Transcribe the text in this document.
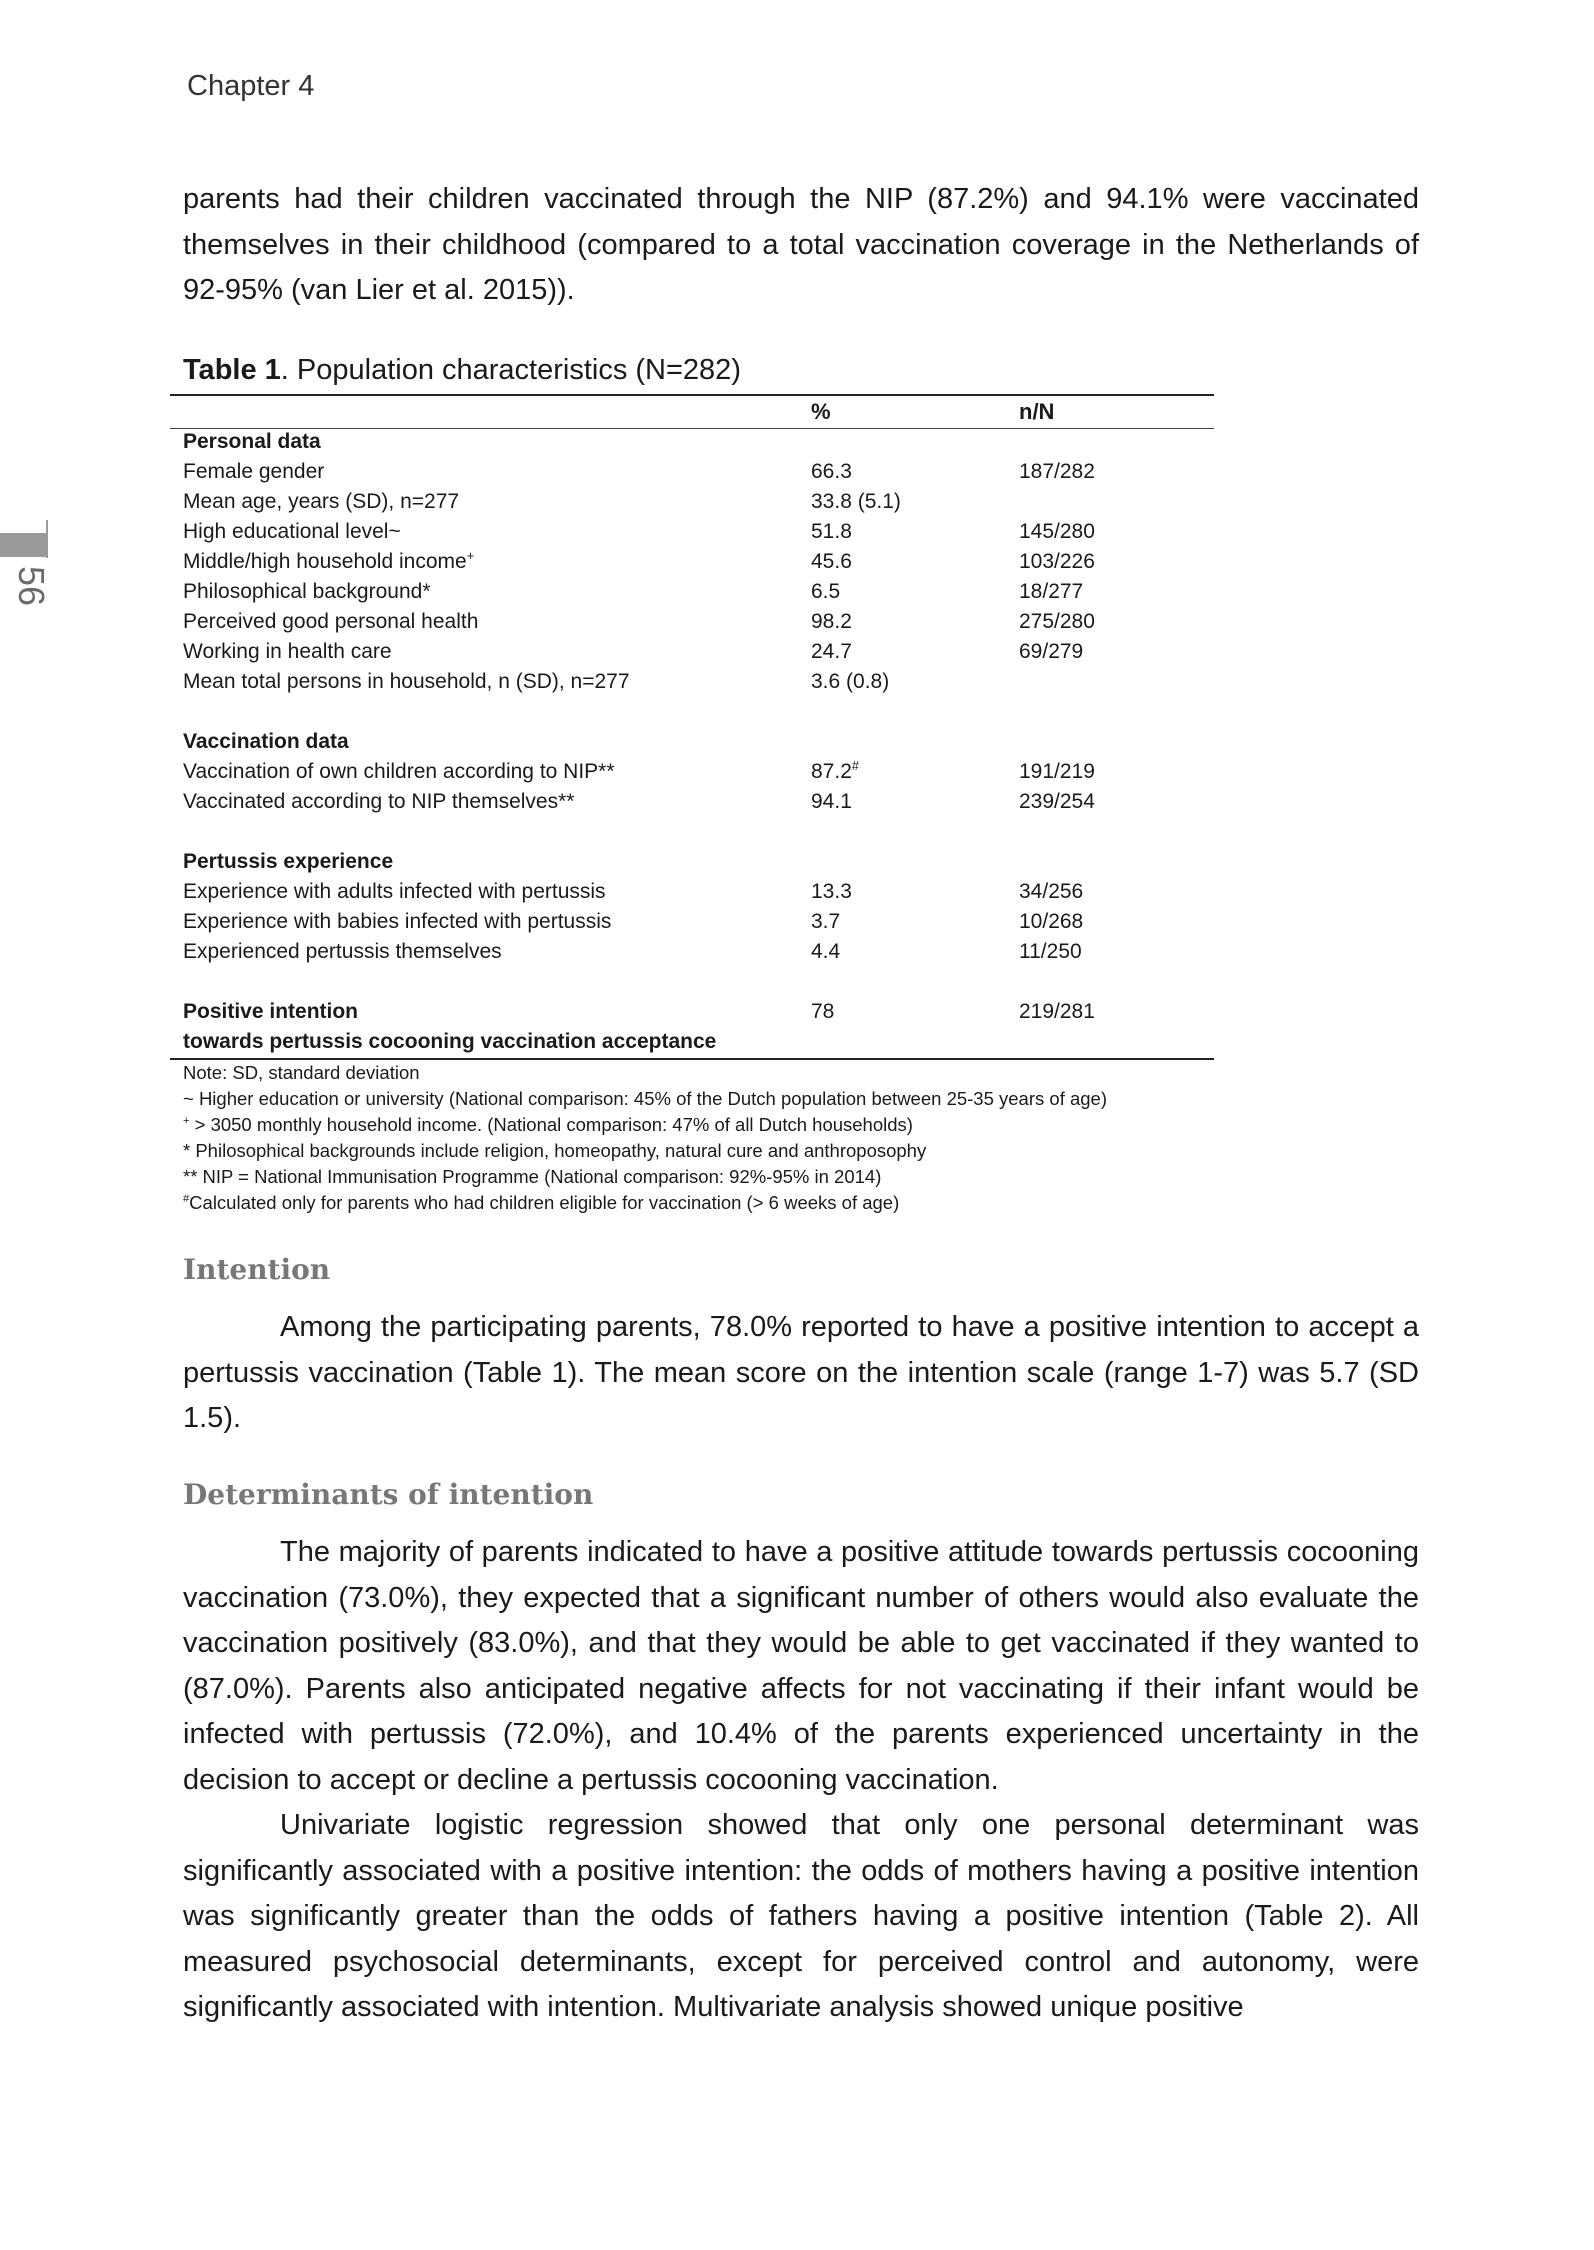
Chapter 4
56

parents had their children vaccinated through the NIP (87.2%) and 94.1% were vaccinated themselves in their childhood (compared to a total vaccination coverage in the Netherlands of 92-95% (van Lier et al. 2015)).

Table 1. Population characteristics (N=282)
%	n/N
Personal data
Female gender	66.3	187/282
Mean age, years (SD), n=277	33.8 (5.1)
High educational level~	51.8	145/280
Middle/high household income+	45.6	103/226
Philosophical background*	6.5	18/277
Perceived good personal health	98.2	275/280
Working in health care	24.7	69/279
Mean total persons in household, n (SD), n=277	3.6 (0.8)
Vaccination data
Vaccination of own children according to NIP**	87.2#	191/219
Vaccinated according to NIP themselves**	94.1	239/254
Pertussis experience
Experience with adults infected with pertussis	13.3	34/256
Experience with babies infected with pertussis	3.7	10/268
Experienced pertussis themselves	4.4	11/250
Positive intention	78	219/281
towards pertussis cocooning vaccination acceptance
Note: SD, standard deviation
~ Higher education or university (National comparison: 45% of the Dutch population between 25-35 years of age)
+ > 3050 monthly household income. (National comparison: 47% of all Dutch households)
* Philosophical backgrounds include religion, homeopathy, natural cure and anthroposophy
** NIP = National Immunisation Programme (National comparison: 92%-95% in 2014)
#Calculated only for parents who had children eligible for vaccination (> 6 weeks of age)
Intention

Among the participating parents, 78.0% reported to have a positive intention to accept a pertussis vaccination (Table 1). The mean score on the intention scale (range 1-7) was 5.7 (SD 1.5).

Determinants of intention

The majority of parents indicated to have a positive attitude towards pertussis cocooning vaccination (73.0%), they expected that a significant number of others would also evaluate the vaccination positively (83.0%), and that they would be able to get vaccinated if they wanted to (87.0%). Parents also anticipated negative affects for not vaccinating if their infant would be infected with pertussis (72.0%), and 10.4% of the parents experienced uncertainty in the decision to accept or decline a pertussis cocooning vaccination.

Univariate logistic regression showed that only one personal determinant was significantly associated with a positive intention: the odds of mothers having a positive intention was significantly greater than the odds of fathers having a positive intention (Table 2). All measured psychosocial determinants, except for perceived control and autonomy, were significantly associated with intention. Multivariate analysis showed unique positive
